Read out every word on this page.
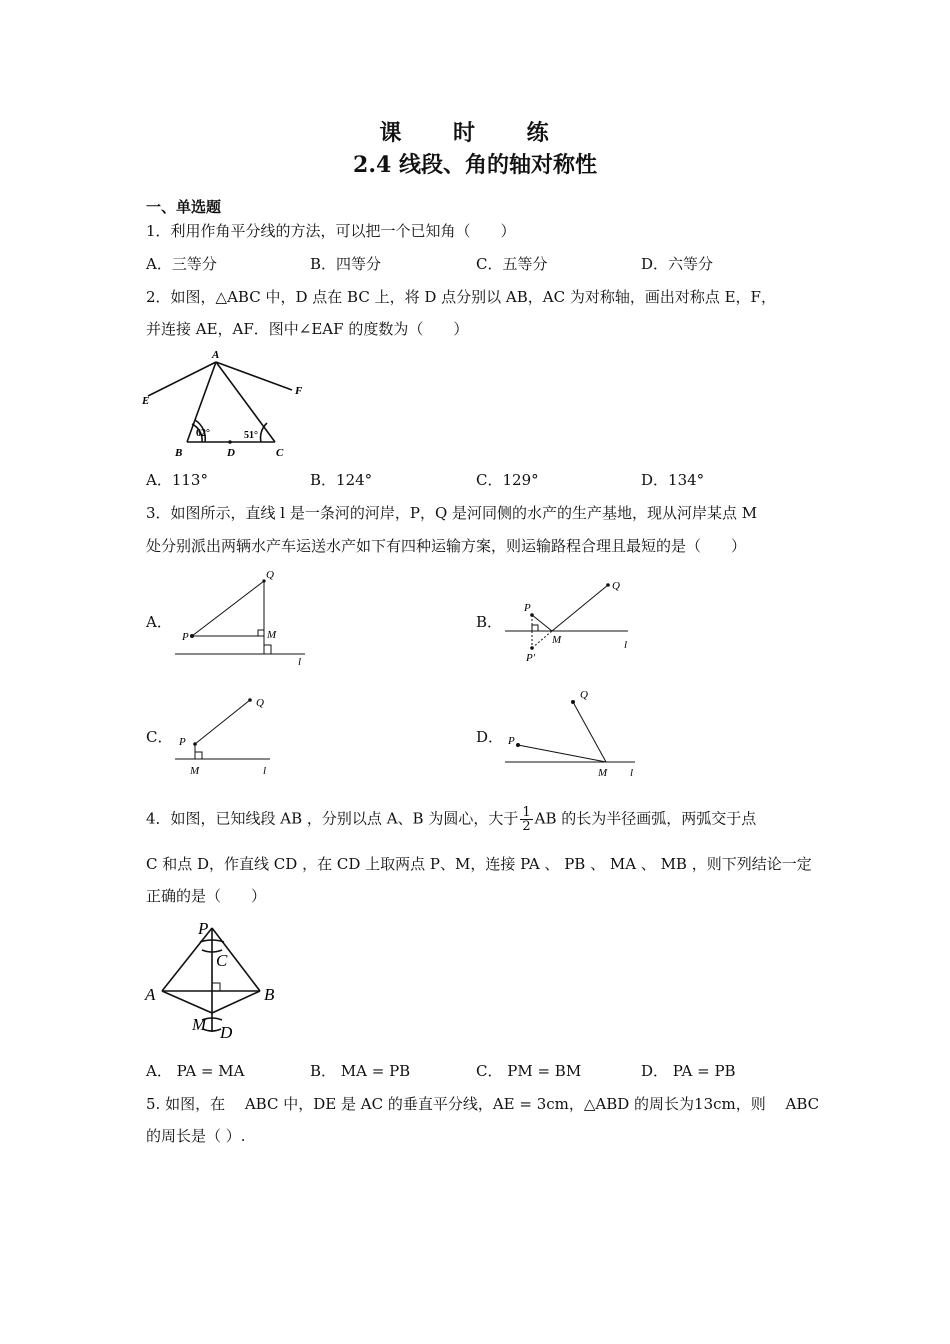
课 时 练
2.4 线段、角的轴对称性
一、单选题
1．利用作角平分线的方法，可以把一个已知角（　　）
A．三等分	B．四等分	C．五等分	D．六等分
2．如图，△ABC 中，D 点在 BC 上，将 D 点分别以 AB，AC 为对称轴，画出对称点 E，F，
并连接 AE，AF．图中∠EAF 的度数为（　　）
A
E
F
B	D	C
62°	51°
A．113°	B．124°	C．129°	D．134°
3．如图所示，直线 l 是一条河的河岸，P，Q 是河同侧的水产的生产基地，现从河岸某点 M
处分别派出两辆水产车运送水产如下有四种运输方案，则运输路程合理且最短的是（　　）
A．
P
Q
M
l
B．
P
Q
M
P′
l
C． P
Q
M	l
D． P
Q
M l
4．如图，已知线段 AB ，分别以点 A、B 为圆心，大于 $\frac{1}{2}$ AB 的长为半径画弧，两弧交于点
C 和点 D，作直线 CD ，在 CD 上取两点 P、M，连接 PA 、 PB 、 MA 、 MB ，则下列结论一定
正确的是（　　）
P
C
A	B
M D
A． PA = MA	B． MA = PB	C． PM = BM	D． PA = PB
5. 如图，在 　ABC 中，DE 是 AC 的垂直平分线，AE = 3cm，△ABD 的周长为13cm，则 　ABC
的周长是（ ）.
